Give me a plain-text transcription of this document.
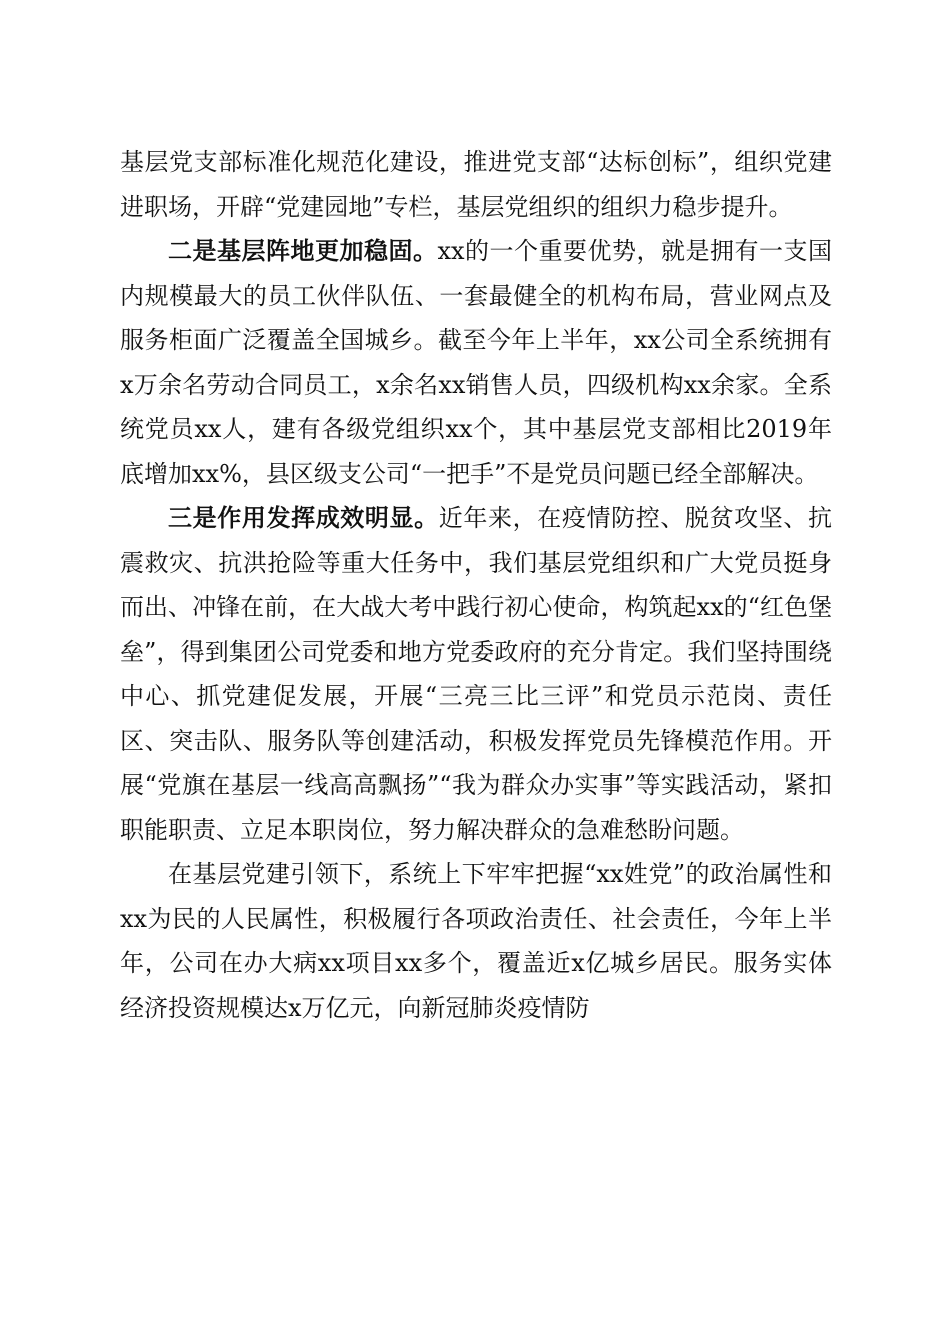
基层党支部标准化规范化建设，推进党支部“达标创标”，组织党建进职场，开辟“党建园地”专栏，基层党组织的组织力稳步提升。

二是基层阵地更加稳固。xx的一个重要优势，就是拥有一支国内规模最大的员工伙伴队伍、一套最健全的机构布局，营业网点及服务柜面广泛覆盖全国城乡。截至今年上半年，xx公司全系统拥有x万余名劳动合同员工，x余名xx销售人员，四级机构xx余家。全系统党员xx人，建有各级党组织xx个，其中基层党支部相比2019年底增加xx%，县区级支公司“一把手”不是党员问题已经全部解决。

三是作用发挥成效明显。近年来，在疫情防控、脱贫攻坚、抗震救灾、抗洪抢险等重大任务中，我们基层党组织和广大党员挺身而出、冲锋在前，在大战大考中践行初心使命，构筑起xx的“红色堡垒”，得到集团公司党委和地方党委政府的充分肯定。我们坚持围绕中心、抓党建促发展，开展“三亮三比三评”和党员示范岗、责任区、突击队、服务队等创建活动，积极发挥党员先锋模范作用。开展“党旗在基层一线高高飘扬”“我为群众办实事”等实践活动，紧扣职能职责、立足本职岗位，努力解决群众的急难愁盼问题。

在基层党建引领下，系统上下牢牢把握“xx姓党”的政治属性和xx为民的人民属性，积极履行各项政治责任、社会责任，今年上半年，公司在办大病xx项目xx多个，覆盖近x亿城乡居民。服务实体经济投资规模达x万亿元，向新冠肺炎疫情防
